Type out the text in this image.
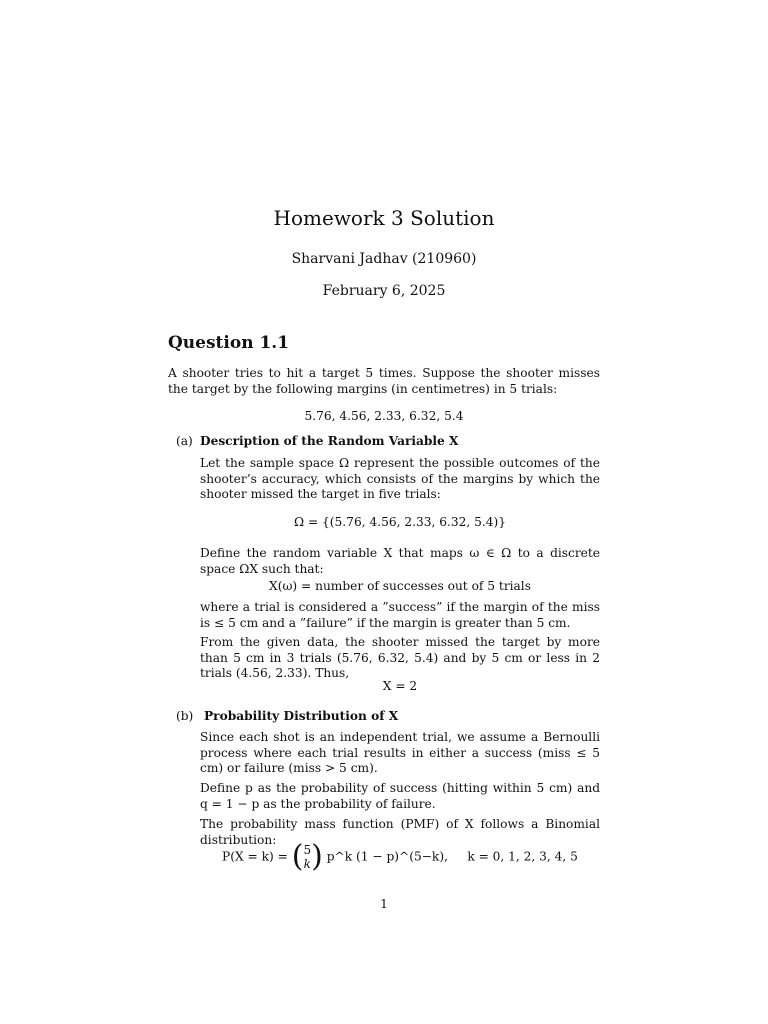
Homework 3 Solution
Sharvani Jadhav (210960)
February 6, 2025
Question 1.1
A shooter tries to hit a target 5 times. Suppose the shooter misses the target by the following margins (in centimetres) in 5 trials:
5.76, 4.56, 2.33, 6.32, 5.4
(a) Description of the Random Variable X
Let the sample space Ω represent the possible outcomes of the shooter’s accuracy, which consists of the margins by which the shooter missed the target in five trials:
Ω = {(5.76, 4.56, 2.33, 6.32, 5.4)}
Define the random variable X that maps ω ∈ Ω to a discrete space ΩX such that:
X(ω) = number of successes out of 5 trials
where a trial is considered a ”success” if the margin of the miss is ≤ 5 cm and a ”failure” if the margin is greater than 5 cm.
From the given data, the shooter missed the target by more than 5 cm in 3 trials (5.76, 6.32, 5.4) and by 5 cm or less in 2 trials (4.56, 2.33). Thus,
X = 2
(b) Probability Distribution of X
Since each shot is an independent trial, we assume a Bernoulli process where each trial results in either a success (miss ≤ 5 cm) or failure (miss > 5 cm).
Define p as the probability of success (hitting within 5 cm) and q = 1 − p as the probability of failure.
The probability mass function (PMF) of X follows a Binomial distribution:
P(X = k) = (5
k) p^k (1 − p)^(5−k), k = 0, 1, 2, 3, 4, 5
1
